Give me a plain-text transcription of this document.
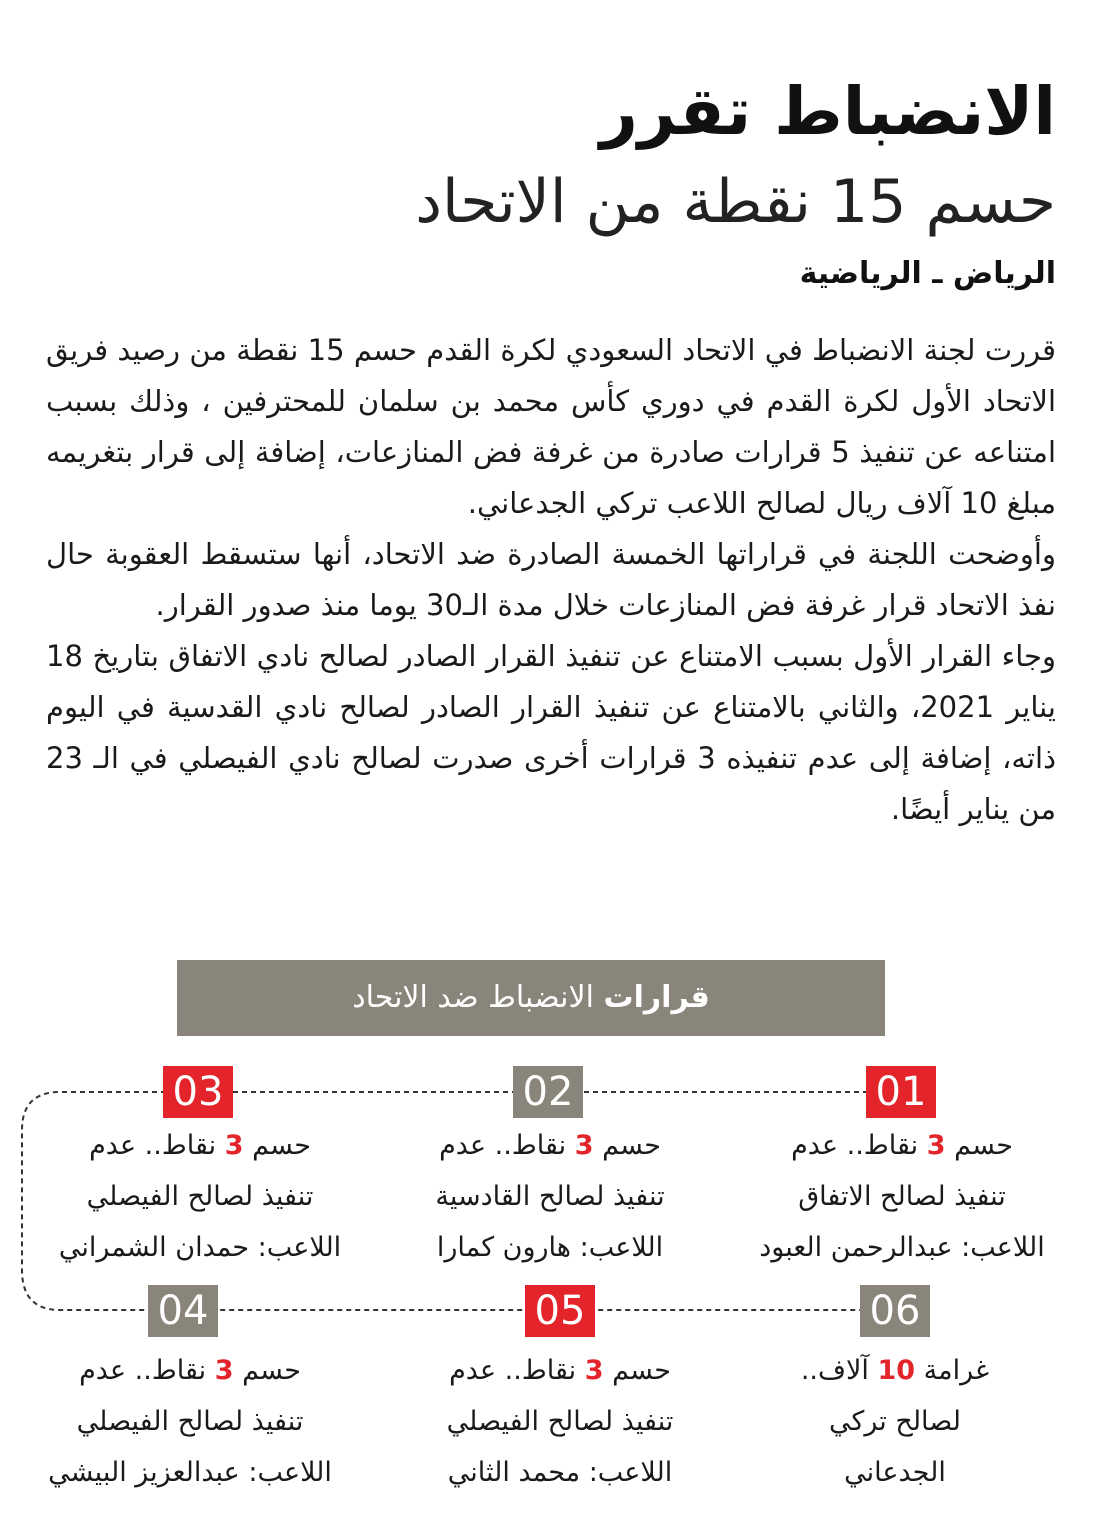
الانضباط تقرر
حسم 15 نقطة من الاتحاد
الرياض ـ الرياضية

قررت لجنة الانضباط في الاتحاد السعودي لكرة القدم حسم 15 نقطة من رصيد فريق الاتحاد الأول لكرة القدم في دوري كأس محمد بن سلمان للمحترفين ، وذلك بسبب امتناعه عن تنفيذ 5 قرارات صادرة من غرفة فض المنازعات، إضافة إلى قرار بتغريمه مبلغ 10 آلاف ريال لصالح اللاعب تركي الجدعاني.

وأوضحت اللجنة في قراراتها الخمسة الصادرة ضد الاتحاد، أنها ستسقط العقوبة حال نفذ الاتحاد قرار غرفة فض المنازعات خلال مدة الـ30 يوما منذ صدور القرار.

وجاء القرار الأول بسبب الامتناع عن تنفيذ القرار الصادر لصالح نادي الاتفاق بتاريخ 18 يناير 2021، والثاني بالامتناع عن تنفيذ القرار الصادر لصالح نادي القدسية في اليوم ذاته، إضافة إلى عدم تنفيذه 3 قرارات أخرى صدرت لصالح نادي الفيصلي في الـ 23 من يناير أيضًا.

قرارات الانضباط ضد الاتحاد
01
02
03
04	05	06
حسم 3 نقاط.. عدم
تنفيذ لصالح الاتفاق
اللاعب: عبدالرحمن العبود
حسم 3 نقاط.. عدم
تنفيذ لصالح القادسية
اللاعب: هارون كمارا
حسم 3 نقاط.. عدم
تنفيذ لصالح الفيصلي
اللاعب: حمدان الشمراني
حسم 3 نقاط.. عدم
تنفيذ لصالح الفيصلي
اللاعب: عبدالعزيز البيشي
حسم 3 نقاط.. عدم
تنفيذ لصالح الفيصلي
اللاعب: محمد الثاني
غرامة 10 آلاف..
لصالح تركي
الجدعاني
